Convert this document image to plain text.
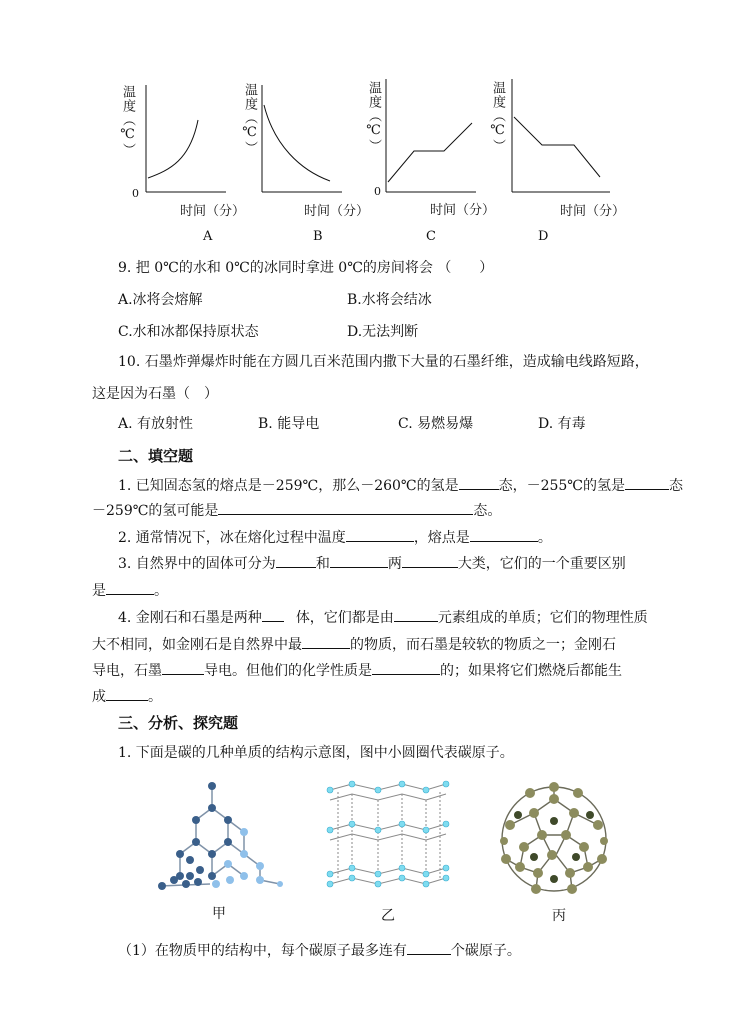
温度（℃）
0
时间（分）
A
温度（℃）
时间（分）
B
温度（℃）
0
时间（分）
C
温度（℃）
时间（分）
D
9. 把 0℃的水和 0℃的冰同时拿进 0℃的房间将会 （　　）
A.冰将会熔解	B.水将会结冰
C.水和冰都保持原状态	D.无法判断
10. 石墨炸弹爆炸时能在方圆几百米范围内撒下大量的石墨纤维，造成输电线路短路，
这是因为石墨（　）
A. 有放射性	B. 能导电	C. 易燃易爆	D. 有毒
二、填空题
1. 已知固态氢的熔点是－259℃，那么－260℃的氢是	态，－255℃的氢是	态
－259℃的氢可能是	态。
2. 通常情况下，冰在熔化过程中温度	，熔点是	。
3. 自然界中的固体可分为	和	两	大类，它们的一个重要区别
是	。
4. 金刚石和石墨是两种 体，它们都是由	元素组成的单质；它们的物理性质
大不相同，如金刚石是自然界中最	的物质，而石墨是较软的物质之一；金刚石
导电，石墨	导电。但他们的化学性质是	的；如果将它们燃烧后都能生
成	。
三、分析、探究题
1. 下面是碳的几种单质的结构示意图，图中小圆圈代表碳原子。
甲	乙	丙
（1）在物质甲的结构中，每个碳原子最多连有	个碳原子。
